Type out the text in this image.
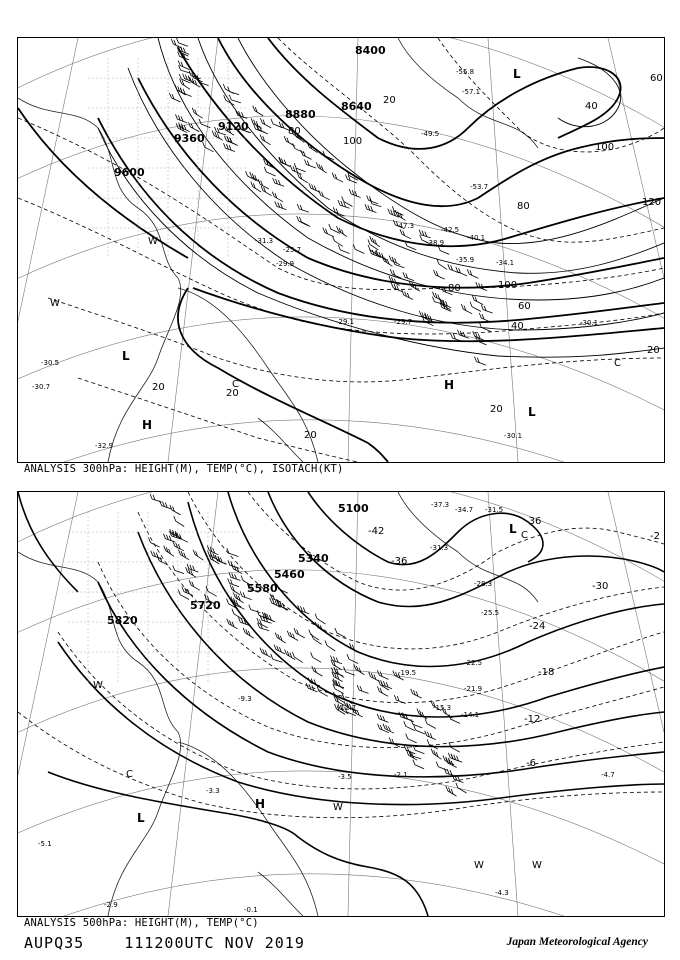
8400
8640
8880
9120
9360
9600
20
40
60
80
100
120
20
20
20
20
20
80	100
100
80
40
60
-57.1
-55.8
-53.7
-49.5
-47.3	-42.5
-40.1
-38.9
-35.9	-34.1
-31.3
-29.9
-29.1	-29.7	-30.1
-30.5
-30.7
-32.9
-30.1
-25.7
L
L
L
H
H
C
C
W
W
ANALYSIS 300hPa: HEIGHT(M), TEMP(°C), ISOTACH(KT)
5100
5340
5460
5580
5720
5820
-42
-36
-36
-30
-24
-18
-12
-6
-2
-37.3
-34.7 -31.5
-31.3
-28.3
-25.5
-22.5
-21.9
-19.5
-15.3
-14.1
-12.7
-9.3
-5.1
-4.7
-4.3
-3.5
-3.3
-2.9
-2.1
-0.1
L
L
H
C
C
W
W
W	W
ANALYSIS 500hPa: HEIGHT(M), TEMP(°C)
AUPQ35	111200UTC NOV 2019	Japan Meteorological Agency
